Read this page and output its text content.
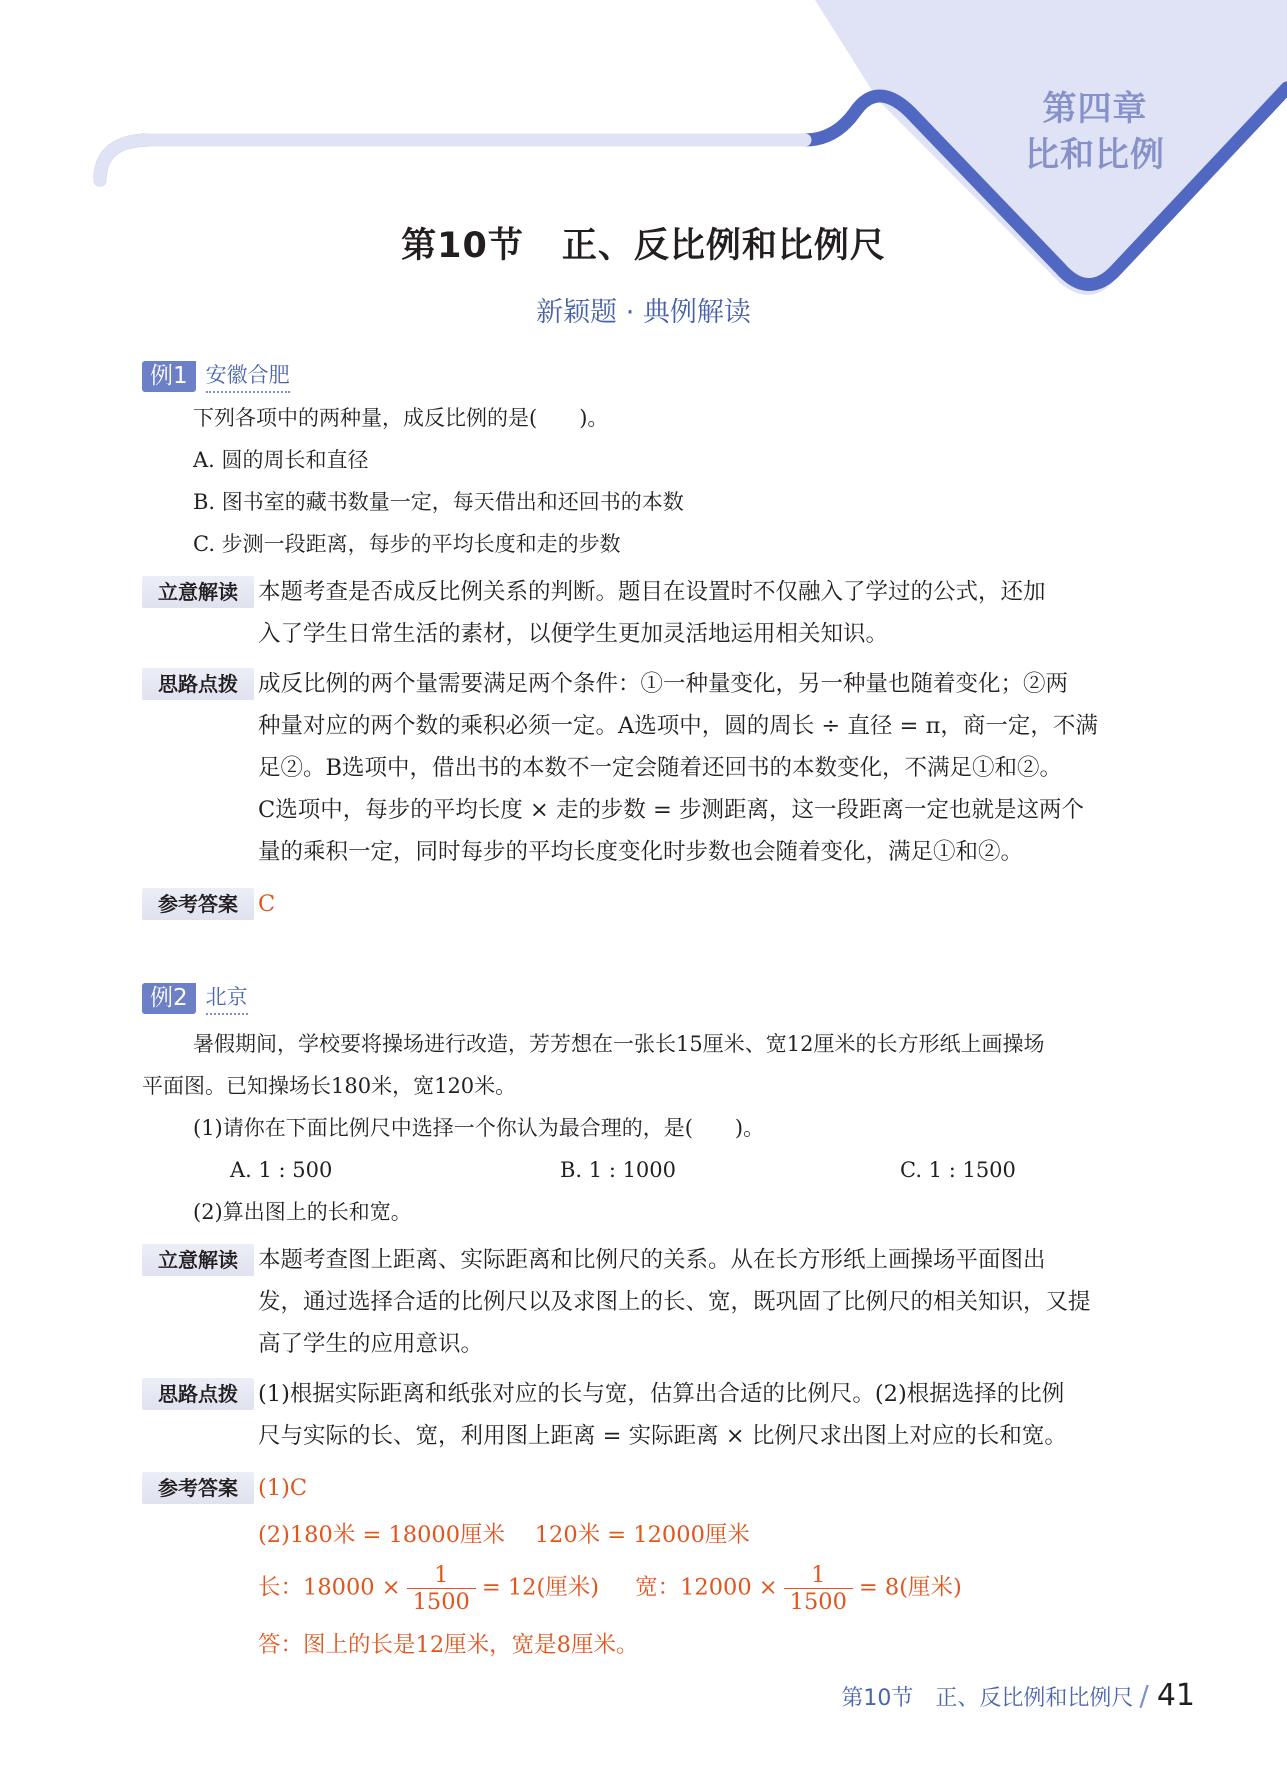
第四章
比和比例
第10节 正、反比例和比例尺
新颖题 · 典例解读
例1 安徽合肥
下列各项中的两种量，成反比例的是(　　)。
A. 圆的周长和直径
B. 图书室的藏书数量一定，每天借出和还回书的本数
C. 步测一段距离，每步的平均长度和走的步数
立意解读 本题考查是否成反比例关系的判断。题目在设置时不仅融入了学过的公式，还加
入了学生日常生活的素材，以便学生更加灵活地运用相关知识。
思路点拨 成反比例的两个量需要满足两个条件：①一种量变化，另一种量也随着变化；②两
种量对应的两个数的乘积必须一定。A选项中，圆的周长 ÷ 直径 = π，商一定，不满
足②。B选项中，借出书的本数不一定会随着还回书的本数变化，不满足①和②。
C选项中，每步的平均长度 × 走的步数 = 步测距离，这一段距离一定也就是这两个
量的乘积一定，同时每步的平均长度变化时步数也会随着变化，满足①和②。
参考答案 C
例2 北京
暑假期间，学校要将操场进行改造，芳芳想在一张长15厘米、宽12厘米的长方形纸上画操场
平面图。已知操场长180米，宽120米。
(1)请你在下面比例尺中选择一个你认为最合理的，是(　　)。
A. 1 : 500	B. 1 : 1000	C. 1 : 1500
(2)算出图上的长和宽。
立意解读 本题考查图上距离、实际距离和比例尺的关系。从在长方形纸上画操场平面图出
发，通过选择合适的比例尺以及求图上的长、宽，既巩固了比例尺的相关知识，又提
高了学生的应用意识。
思路点拨 (1)根据实际距离和纸张对应的长与宽，估算出合适的比例尺。(2)根据选择的比例
尺与实际的长、宽，利用图上距离 = 实际距离 × 比例尺求出图上对应的长和宽。
参考答案 (1)C
(2)180米 = 18000厘米　 120米 = 12000厘米
长：$18000 \times \frac{1}{1500} = 12$(厘米) 宽：$12000 \times \frac{1}{1500} = 8$(厘米)
答：图上的长是12厘米，宽是8厘米。
第10节　正、反比例和比例尺 / 41
